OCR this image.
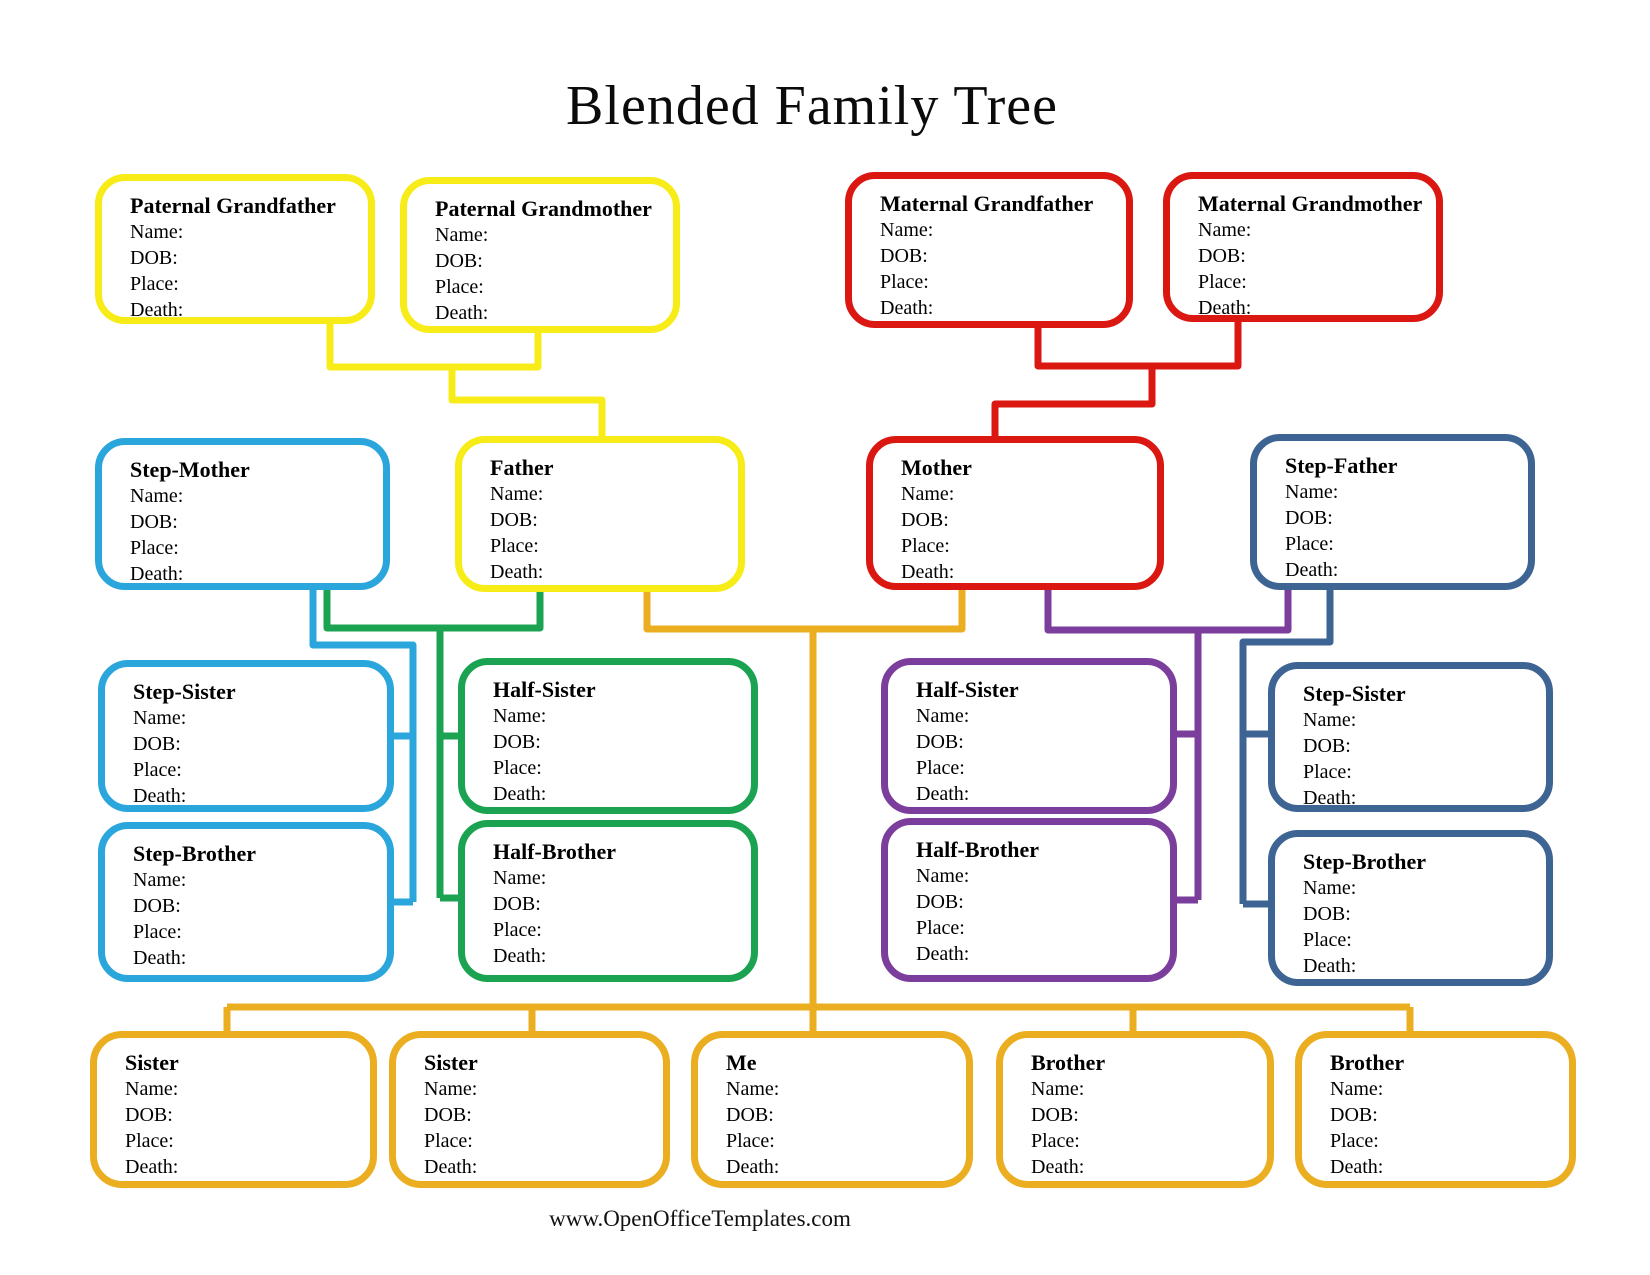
Blended Family Tree
Paternal Grandfather
Name:
DOB:
Place:
Death:
Paternal Grandmother
Name:
DOB:
Place:
Death:
Maternal Grandfather
Name:
DOB:
Place:
Death:
Maternal Grandmother
Name:
DOB:
Place:
Death:
Step-Mother
Name:
DOB:
Place:
Death:
Father
Name:
DOB:
Place:
Death:
Mother
Name:
DOB:
Place:
Death:
Step-Father
Name:
DOB:
Place:
Death:
Step-Sister
Name:
DOB:
Place:
Death:
Half-Sister
Name:
DOB:
Place:
Death:
Half-Sister
Name:
DOB:
Place:
Death:
Step-Sister
Name:
DOB:
Place:
Death:
Step-Brother
Name:
DOB:
Place:
Death:
Half-Brother
Name:
DOB:
Place:
Death:
Half-Brother
Name:
DOB:
Place:
Death:
Step-Brother
Name:
DOB:
Place:
Death:
Sister
Name:
DOB:
Place:
Death:
Sister
Name:
DOB:
Place:
Death:
Me
Name:
DOB:
Place:
Death:
Brother
Name:
DOB:
Place:
Death:
Brother
Name:
DOB:
Place:
Death:
www.OpenOfficeTemplates.com
